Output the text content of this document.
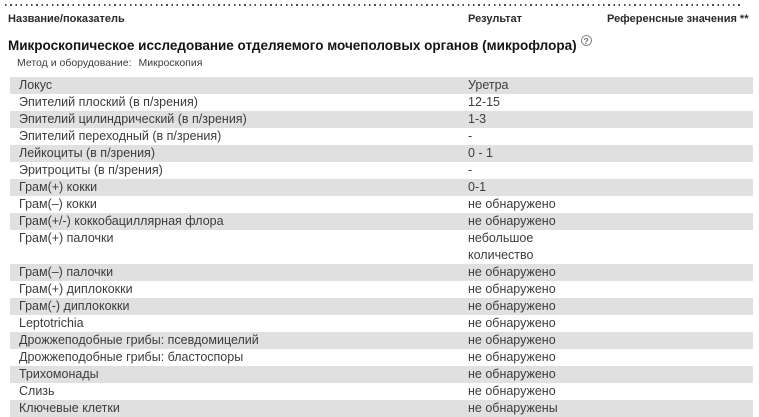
Название/показатель	Результат	Референсные значения **
Микроскопическое исследование отделяемого мочеполовых органов (микрофлора) ?
Метод и оборудование: Микроскопия
Локус	Уретра
Эпителий плоский (в п/зрения)	12-15
Эпителий цилиндрический (в п/зрения)	1-3
Эпителий переходный (в п/зрения)	-
Лейкоциты (в п/зрения)	0 - 1
Эритроциты (в п/зрения)	-
Грам(+) кокки	0-1
Грам(–) кокки	не обнаружено
Грам(+/-) коккобациллярная флора	не обнаружено
Грам(+) палочки	небольшое
количество
Грам(–) палочки	не обнаружено
Грам(+) диплококки	не обнаружено
Грам(-) диплококки	не обнаружено
Leptotrichia	не обнаружено
Дрожжеподобные грибы: псевдомицелий	не обнаружено
Дрожжеподобные грибы: бластоспоры	не обнаружено
Трихомонады	не обнаружено
Слизь	не обнаружено
Ключевые клетки	не обнаружены
